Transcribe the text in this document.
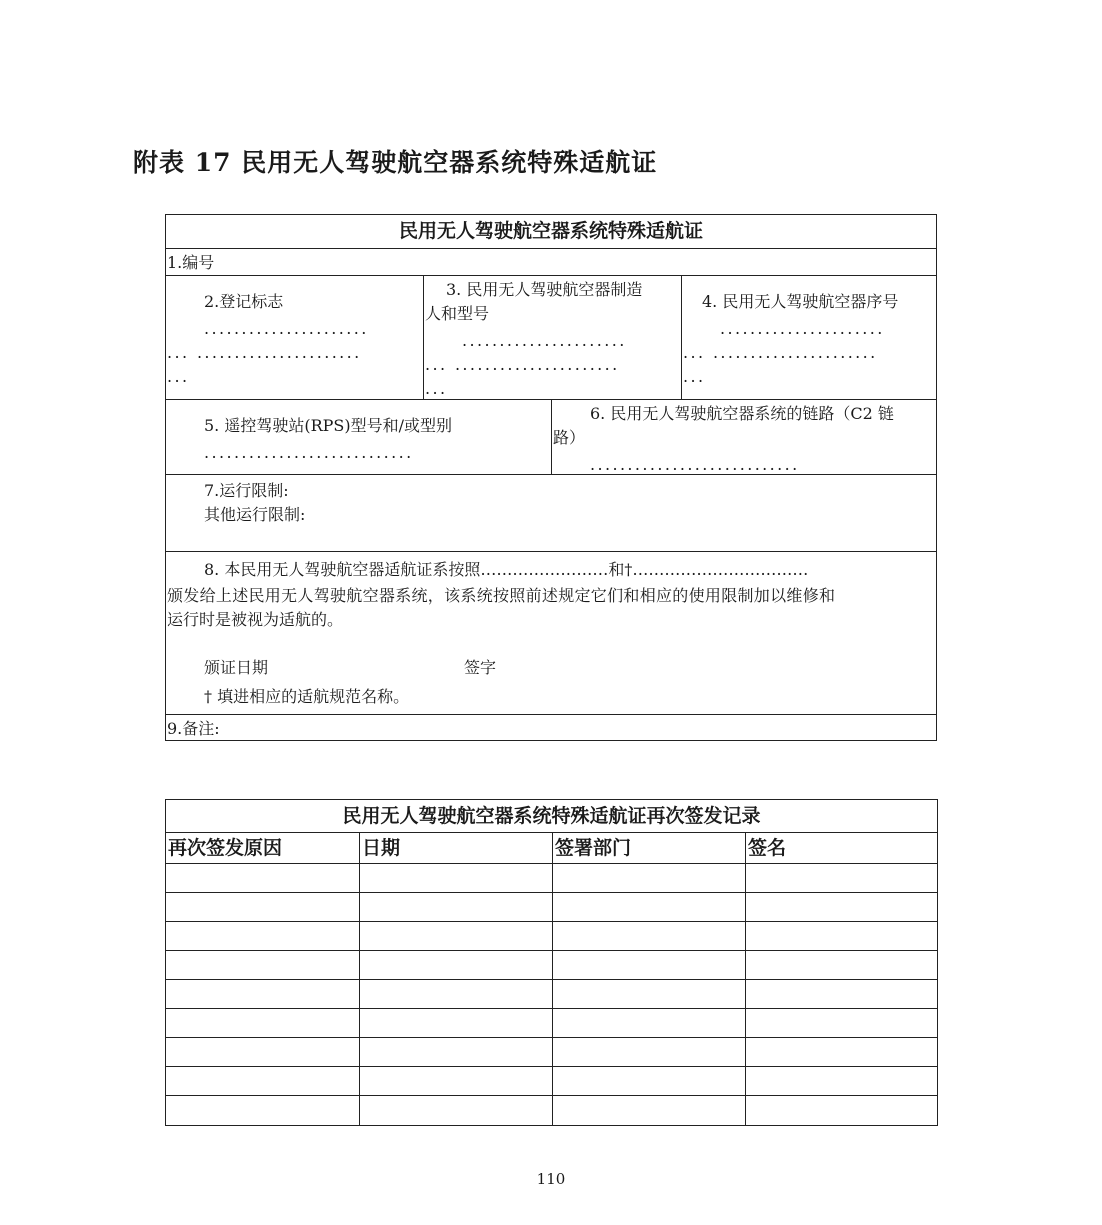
附表 17 民用无人驾驶航空器系统特殊适航证
民用无人驾驶航空器系统特殊适航证
1.编号
2.登记标志
......................
... ......................
...
3. 民用无人驾驶航空器制造
人和型号
......................
... ......................
...
4. 民用无人驾驶航空器序号
......................
... ......................
...
5. 遥控驾驶站(RPS)型号和/或型别
............................
6. 民用无人驾驶航空器系统的链路（C2 链
路）
............................
7.运行限制:
其他运行限制:
8. 本民用无人驾驶航空器适航证系按照……………………和†……………………………
颁发给上述民用无人驾驶航空器系统，该系统按照前述规定它们和相应的使用限制加以维修和
运行时是被视为适航的。
颁证日期	签字
† 填进相应的适航规范名称。
9.备注:
民用无人驾驶航空器系统特殊适航证再次签发记录
再次签发原因	日期	签署部门	签名
110
